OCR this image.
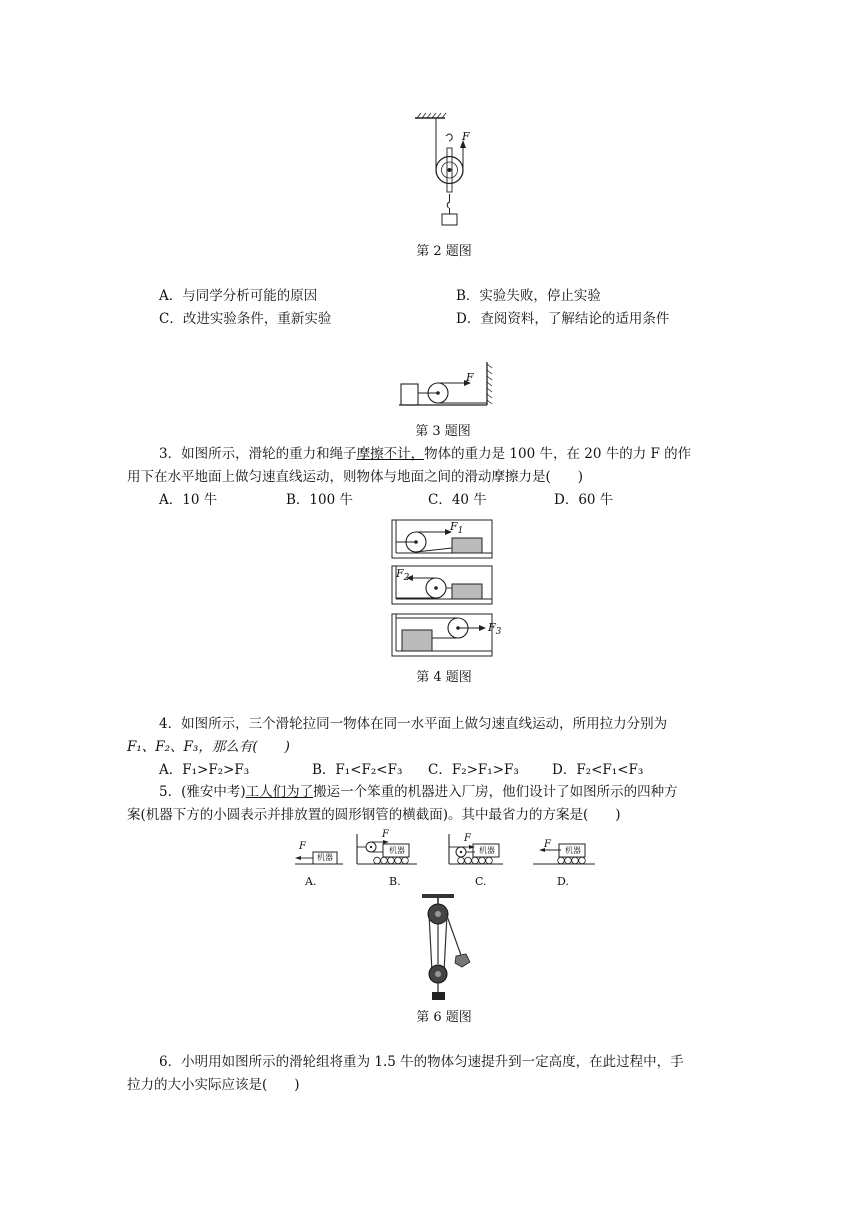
F
第 2 题图
A．与同学分析可能的原因	B．实验失败，停止实验
C．改进实验条件，重新实验	D．查阅资料，了解结论的适用条件
F
第 3 题图
3．如图所示，滑轮的重力和绳子摩擦不计，物体的重力是 100 牛，在 20 牛的力 F 的作
用下在水平地面上做匀速直线运动，则物体与地面之间的滑动摩擦力是(　　)
A．10 牛	B．100 牛	C．40 牛	D．60 牛
$F_1$
$F_2$
$F_3$
第 4 题图
4．如图所示，三个滑轮拉同一物体在同一水平面上做匀速直线运动，所用拉力分别为
F₁、F₂、F₃，那么有(　　)
A．F₁>F₂>F₃	B．F₁<F₂<F₃ C．F₂>F₁>F₃ D．F₂<F₁<F₃
5．(雅安中考)工人们为了搬运一个笨重的机器进入厂房，他们设计了如图所示的四种方
案(机器下方的小圆表示并排放置的圆形钢管的横截面)。其中最省力的方案是(　　)
F
机器
F
机器
F
机器
F
机器
A.	B.	C.	D.
第 6 题图
6．小明用如图所示的滑轮组将重为 1.5 牛的物体匀速提升到一定高度，在此过程中，手
拉力的大小实际应该是(　　)
